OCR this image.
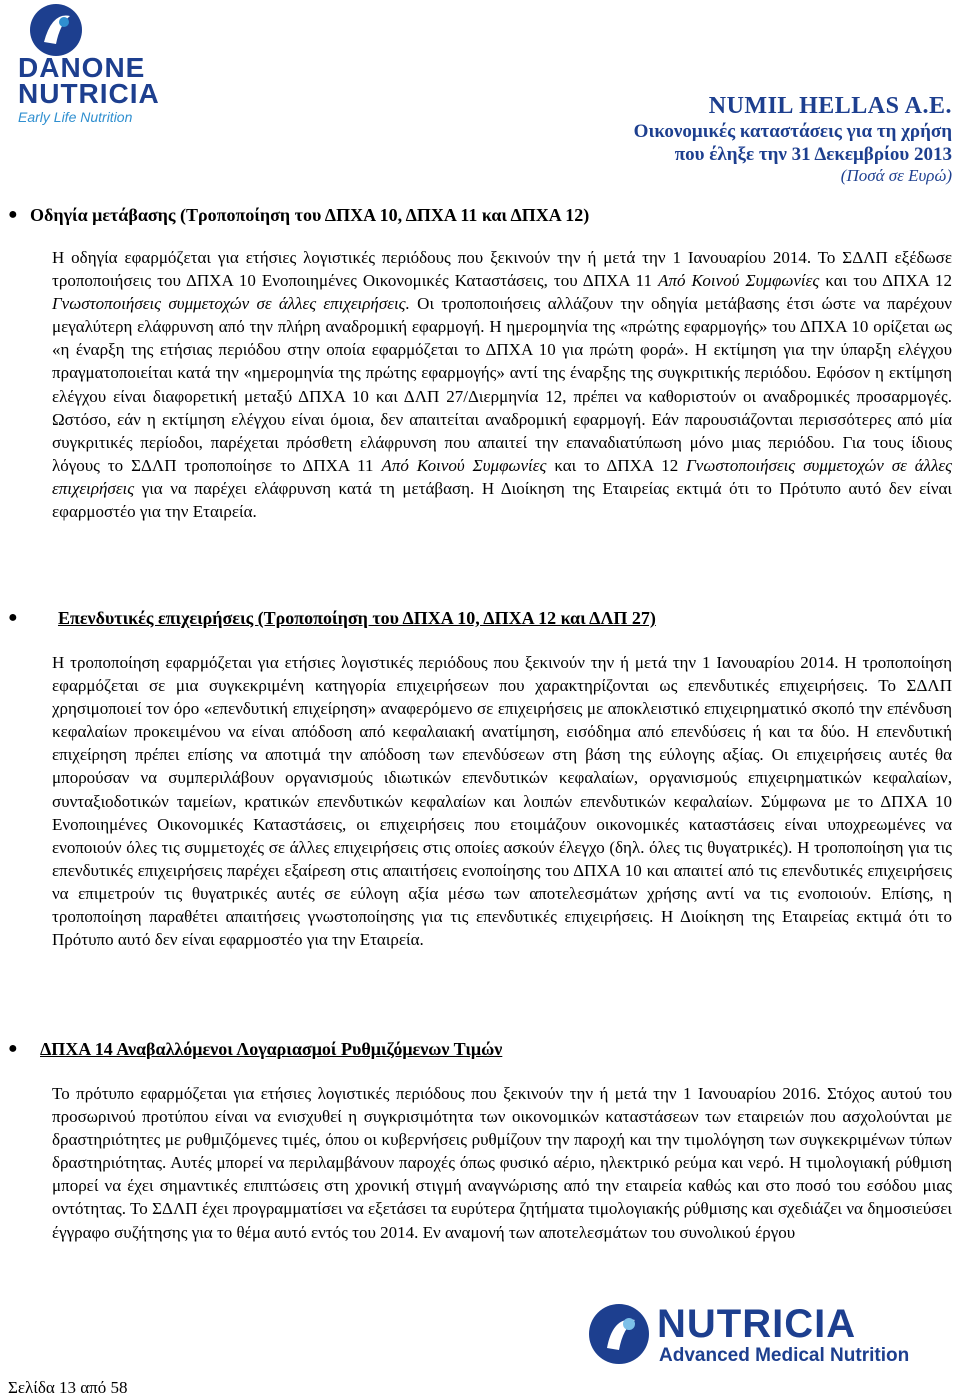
DANONE
NUTRICIA
Early Life Nutrition	NUMIL HELLAS A.E.
Οικονομικές καταστάσεις για τη χρήση
που έληξε την 31 Δεκεμβρίου 2013
(Ποσά σε Ευρώ)
● Οδηγία μετάβασης (Τροποποίηση του ΔΠΧΑ 10, ΔΠΧΑ 11 και ΔΠΧΑ 12)

Η οδηγία εφαρμόζεται για ετήσιες λογιστικές περιόδους που ξεκινούν την ή μετά την 1 Ιανουαρίου 2014. Το ΣΔΛΠ εξέδωσε τροποποιήσεις του ΔΠΧΑ 10 Ενοποιημένες Οικονομικές Καταστάσεις, του ΔΠΧΑ 11 Από Κοινού Συμφωνίες και του ΔΠΧΑ 12 Γνωστοποιήσεις συμμετοχών σε άλλες επιχειρήσεις. Οι τροποποιήσεις αλλάζουν την οδηγία μετάβασης έτσι ώστε να παρέχουν μεγαλύτερη ελάφρυνση από την πλήρη αναδρομική εφαρμογή. Η ημερομηνία της «πρώτης εφαρμογής» του ΔΠΧΑ 10 ορίζεται ως «η έναρξη της ετήσιας περιόδου στην οποία εφαρμόζεται το ΔΠΧΑ 10 για πρώτη φορά». Η εκτίμηση για την ύπαρξη ελέγχου πραγματοποιείται κατά την «ημερομηνία της πρώτης εφαρμογής» αντί της έναρξης της συγκριτικής περιόδου. Εφόσον η εκτίμηση ελέγχου είναι διαφορετική μεταξύ ΔΠΧΑ 10 και ΔΛΠ 27/Διερμηνία 12, πρέπει να καθοριστούν οι αναδρομικές προσαρμογές. Ωστόσο, εάν η εκτίμηση ελέγχου είναι όμοια, δεν απαιτείται αναδρομική εφαρμογή. Εάν παρουσιάζονται περισσότερες από μία συγκριτικές περίοδοι, παρέχεται πρόσθετη ελάφρυνση που απαιτεί την επαναδιατύπωση μόνο μιας περιόδου. Για τους ίδιους λόγους το ΣΔΛΠ τροποποίησε το ΔΠΧΑ 11 Από Κοινού Συμφωνίες και το ΔΠΧΑ 12 Γνωστοποιήσεις συμμετοχών σε άλλες επιχειρήσεις για να παρέχει ελάφρυνση κατά τη μετάβαση. Η Διοίκηση της Εταιρείας εκτιμά ότι το Πρότυπο αυτό δεν είναι εφαρμοστέο για την Εταιρεία.

● Επενδυτικές επιχειρήσεις (Τροποποίηση του ΔΠΧΑ 10, ΔΠΧΑ 12 και ΔΛΠ 27)

Η τροποποίηση εφαρμόζεται για ετήσιες λογιστικές περιόδους που ξεκινούν την ή μετά την 1 Ιανουαρίου 2014. Η τροποποίηση εφαρμόζεται σε μια συγκεκριμένη κατηγορία επιχειρήσεων που χαρακτηρίζονται ως επενδυτικές επιχειρήσεις. Το ΣΔΛΠ χρησιμοποιεί τον όρο «επενδυτική επιχείρηση» αναφερόμενο σε επιχειρήσεις με αποκλειστικό επιχειρηματικό σκοπό την επένδυση κεφαλαίων προκειμένου να είναι απόδοση από κεφαλαιακή ανατίμηση, εισόδημα από επενδύσεις ή και τα δύο. Η επενδυτική επιχείρηση πρέπει επίσης να αποτιμά την απόδοση των επενδύσεων στη βάση της εύλογης αξίας. Οι επιχειρήσεις αυτές θα μπορούσαν να συμπεριλάβουν οργανισμούς ιδιωτικών επενδυτικών κεφαλαίων, οργανισμούς επιχειρηματικών κεφαλαίων, συνταξιοδοτικών ταμείων, κρατικών επενδυτικών κεφαλαίων και λοιπών επενδυτικών κεφαλαίων. Σύμφωνα με το ΔΠΧΑ 10 Ενοποιημένες Οικονομικές Καταστάσεις, οι επιχειρήσεις που ετοιμάζουν οικονομικές καταστάσεις είναι υποχρεωμένες να ενοποιούν όλες τις συμμετοχές σε άλλες επιχειρήσεις στις οποίες ασκούν έλεγχο (δηλ. όλες τις θυγατρικές). Η τροποποίηση για τις επενδυτικές επιχειρήσεις παρέχει εξαίρεση στις απαιτήσεις ενοποίησης του ΔΠΧΑ 10 και απαιτεί από τις επενδυτικές επιχειρήσεις να επιμετρούν τις θυγατρικές αυτές σε εύλογη αξία μέσω των αποτελεσμάτων χρήσης αντί να τις ενοποιούν. Επίσης, η τροποποίηση παραθέτει απαιτήσεις γνωστοποίησης για τις επενδυτικές επιχειρήσεις. Η Διοίκηση της Εταιρείας εκτιμά ότι το Πρότυπο αυτό δεν είναι εφαρμοστέο για την Εταιρεία.

● ΔΠΧΑ 14 Αναβαλλόμενοι Λογαριασμοί Ρυθμιζόμενων Τιμών

Το πρότυπο εφαρμόζεται για ετήσιες λογιστικές περιόδους που ξεκινούν την ή μετά την 1 Ιανουαρίου 2016. Στόχος αυτού του προσωρινού προτύπου είναι να ενισχυθεί η συγκρισιμότητα των οικονομικών καταστάσεων των εταιρειών που ασχολούνται με δραστηριότητες με ρυθμιζόμενες τιμές, όπου οι κυβερνήσεις ρυθμίζουν την παροχή και την τιμολόγηση των συγκεκριμένων τύπων δραστηριότητας. Αυτές μπορεί να περιλαμβάνουν παροχές όπως φυσικό αέριο, ηλεκτρικό ρεύμα και νερό. Η τιμολογιακή ρύθμιση μπορεί να έχει σημαντικές επιπτώσεις στη χρονική στιγμή αναγνώρισης από την εταιρεία καθώς και στο ποσό του εσόδου μιας οντότητας. Το ΣΔΛΠ έχει προγραμματίσει να εξετάσει τα ευρύτερα ζητήματα τιμολογιακής ρύθμισης και σχεδιάζει να δημοσιεύσει έγγραφο συζήτησης για το θέμα αυτό εντός του 2014. Εν αναμονή των αποτελεσμάτων του συνολικού έργου

NUTRICIA
Advanced Medical Nutrition
Σελίδα 13 από 58
